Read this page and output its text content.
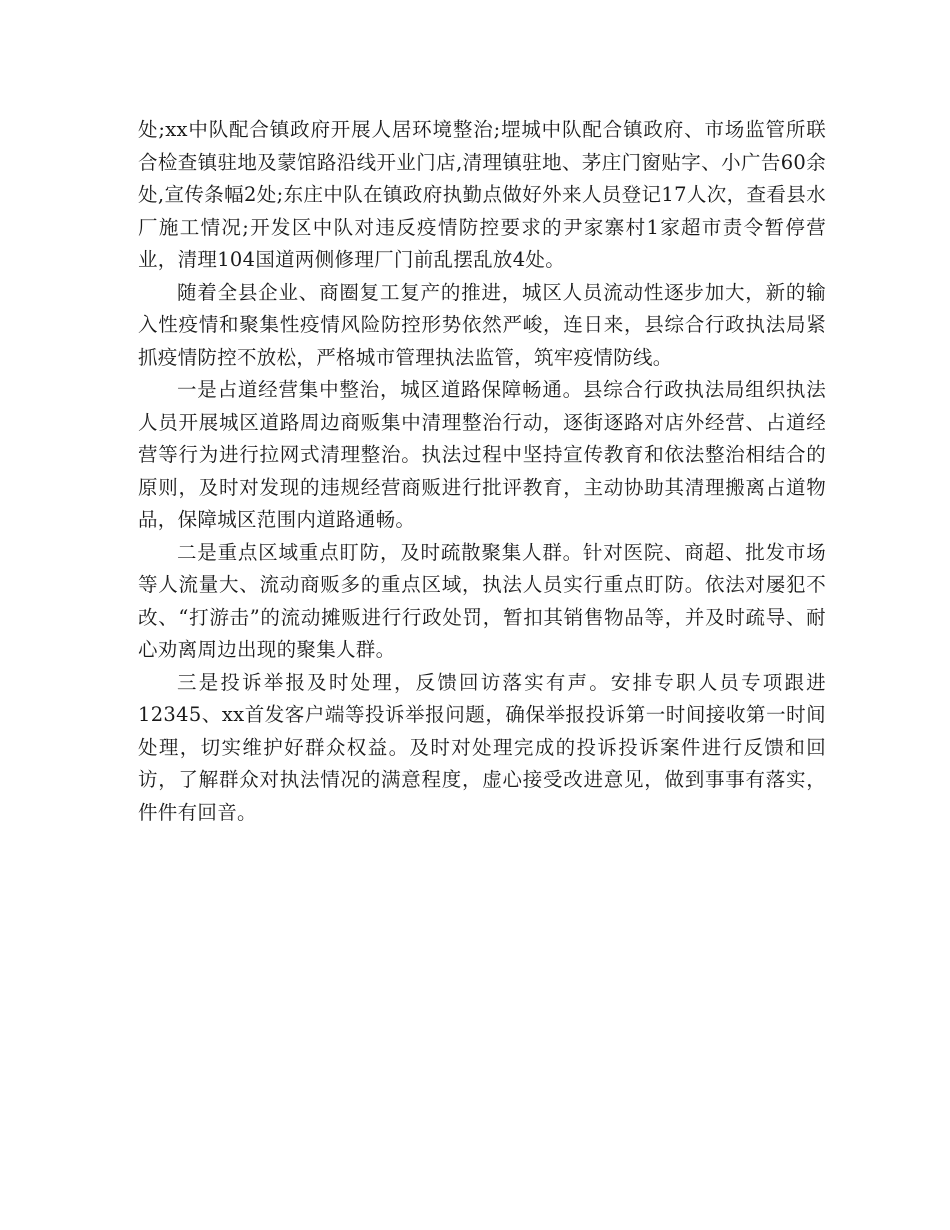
处;xx中队配合镇政府开展人居环境整治;堽城中队配合镇政府、市场监管所联合检查镇驻地及蒙馆路沿线开业门店,清理镇驻地、茅庄门窗贴字、小广告60余处,宣传条幅2处;东庄中队在镇政府执勤点做好外来人员登记17人次，查看县水厂施工情况;开发区中队对违反疫情防控要求的尹家寨村1家超市责令暂停营业，清理104国道两侧修理厂门前乱摆乱放4处。

随着全县企业、商圈复工复产的推进，城区人员流动性逐步加大，新的输入性疫情和聚集性疫情风险防控形势依然严峻，连日来，县综合行政执法局紧抓疫情防控不放松，严格城市管理执法监管，筑牢疫情防线。

一是占道经营集中整治，城区道路保障畅通。县综合行政执法局组织执法人员开展城区道路周边商贩集中清理整治行动，逐街逐路对店外经营、占道经营等行为进行拉网式清理整治。执法过程中坚持宣传教育和依法整治相结合的原则，及时对发现的违规经营商贩进行批评教育，主动协助其清理搬离占道物品，保障城区范围内道路通畅。

二是重点区域重点盯防，及时疏散聚集人群。针对医院、商超、批发市场等人流量大、流动商贩多的重点区域，执法人员实行重点盯防。依法对屡犯不改、“打游击”的流动摊贩进行行政处罚，暂扣其销售物品等，并及时疏导、耐心劝离周边出现的聚集人群。

三是投诉举报及时处理，反馈回访落实有声。安排专职人员专项跟进12345、xx首发客户端等投诉举报问题，确保举报投诉第一时间接收第一时间处理，切实维护好群众权益。及时对处理完成的投诉投诉案件进行反馈和回访，了解群众对执法情况的满意程度，虚心接受改进意见，做到事事有落实，件件有回音。
